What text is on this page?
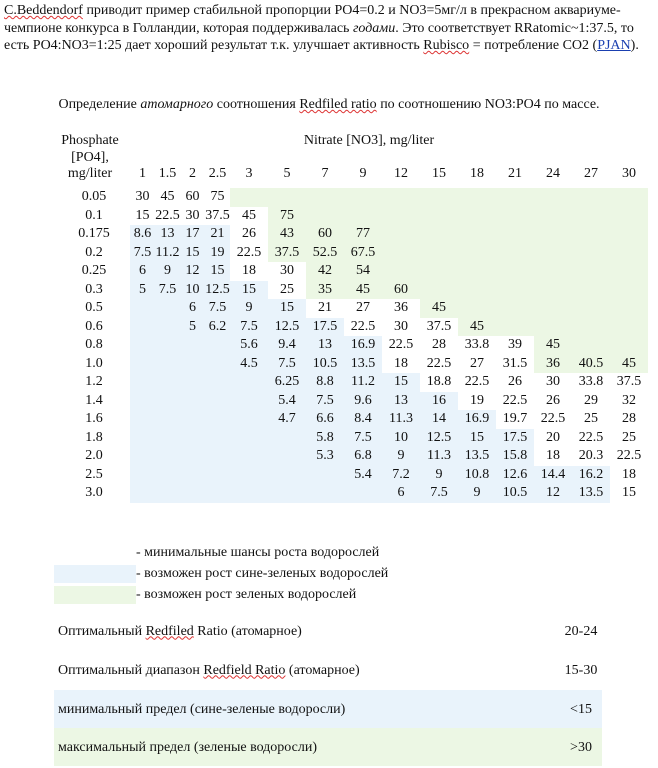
C.Beddendorf приводит пример стабильной пропорции PO4=0.2 и NO3=5мг/л в прекрасном аквариуме-чемпионе конкурса в Голландии, которая поддерживалась годами. Это соответствует RRatomic~1:37.5, то есть PO4:NO3=1:25 дает хороший результат т.к. улучшает активность Rubisco = потребление CO2 (PJAN).
Определение атомарного соотношения Redfiled ratio по соотношению NO3:PO4 по массе.
Phosphate [PO4], mg/liter
Nitrate [NO3], mg/liter
	1	1.5	2	2.5	3	5	7	9	12	15	18	21	24	27	30
0.05	30	45	60	75											
0.1	15	22.5	30	37.5	45	75									
0.175	8.6	13	17	21	26	43	60	77							
0.2	7.5	11.2	15	19	22.5	37.5	52.5	67.5							
0.25	6	9	12	15	18	30	42	54							
0.3	5	7.5	10	12.5	15	25	35	45	60						
0.5			6	7.5	9	15	21	27	36	45					
0.6			5	6.2	7.5	12.5	17.5	22.5	30	37.5	45				
0.8					5.6	9.4	13	16.9	22.5	28	33.8	39	45		
1.0					4.5	7.5	10.5	13.5	18	22.5	27	31.5	36	40.5	45
1.2						6.25	8.8	11.2	15	18.8	22.5	26	30	33.8	37.5
1.4						5.4	7.5	9.6	13	16	19	22.5	26	29	32
1.6						4.7	6.6	8.4	11.3	14	16.9	19.7	22.5	25	28
1.8							5.8	7.5	10	12.5	15	17.5	20	22.5	25
2.0							5.3	6.8	9	11.3	13.5	15.8	18	20.3	22.5
2.5								5.4	7.2	9	10.8	12.6	14.4	16.2	18
3.0									6	7.5	9	10.5	12	13.5	15
- минимальные шансы роста водорослей
- возможен рост сине-зеленых водорослей
- возможен рост зеленых водорослей
Оптимальный Redfiled Ratio (атомарное)	20-24
Оптимальный диапазон Redfield Ratio (атомарное)	15-30
минимальный предел (сине-зеленые водоросли)	<15
максимальный предел (зеленые водоросли)	>30
